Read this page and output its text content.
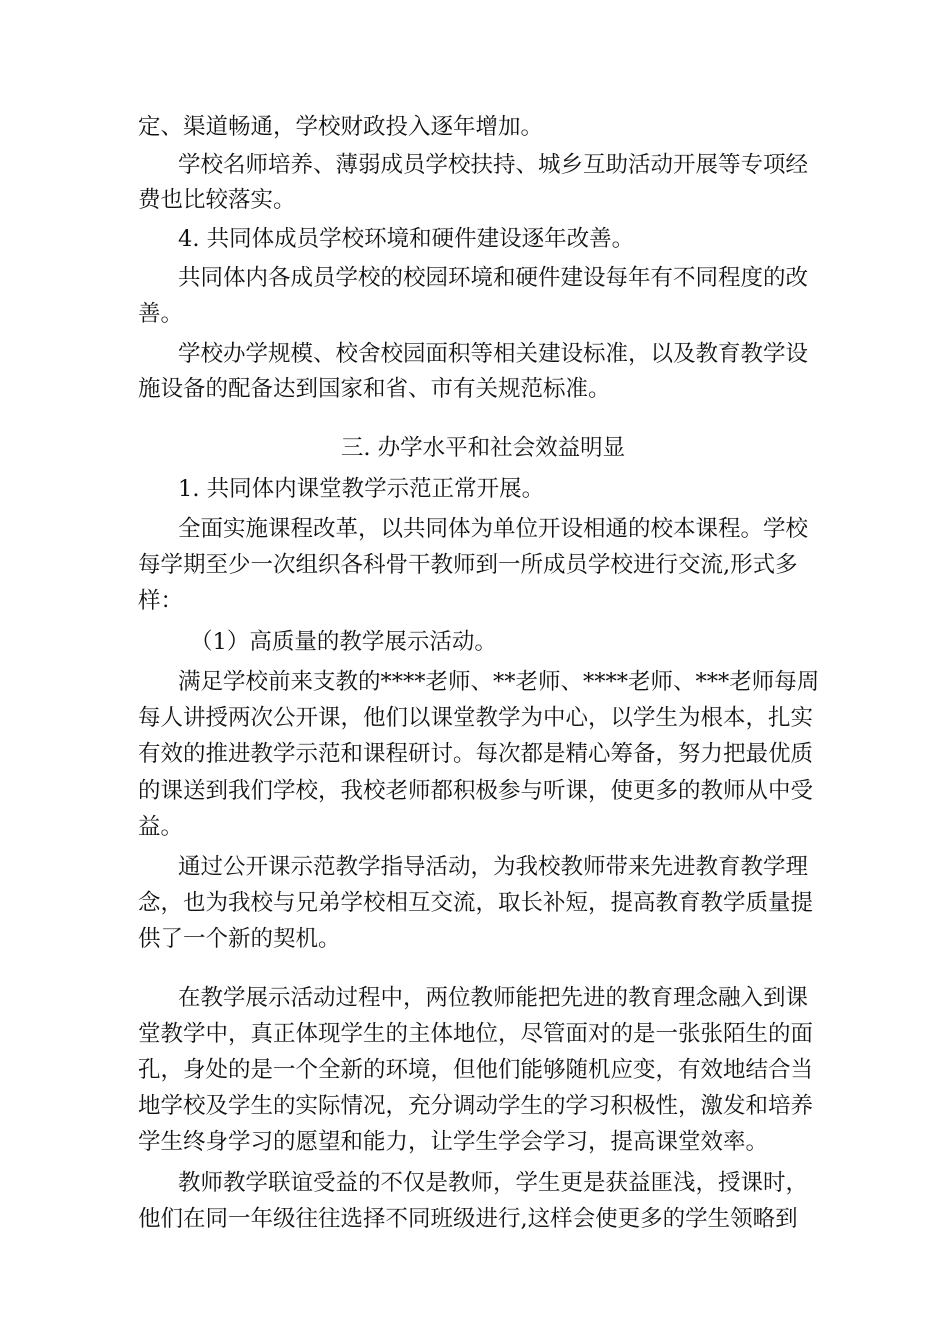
定、渠道畅通，学校财政投入逐年增加。
学校名师培养、薄弱成员学校扶持、城乡互助活动开展等专项经
费也比较落实。
4. 共同体成员学校环境和硬件建设逐年改善。
共同体内各成员学校的校园环境和硬件建设每年有不同程度的改
善。
学校办学规模、校舍校园面积等相关建设标准，以及教育教学设
施设备的配备达到国家和省、市有关规范标准。
三. 办学水平和社会效益明显
1. 共同体内课堂教学示范正常开展。
全面实施课程改革，以共同体为单位开设相通的校本课程。学校
每学期至少一次组织各科骨干教师到一所成员学校进行交流,形式多
样：
（1）高质量的教学展示活动。
满足学校前来支教的****老师、**老师、****老师、***老师每周
每人讲授两次公开课，他们以课堂教学为中心，以学生为根本，扎实
有效的推进教学示范和课程研讨。每次都是精心筹备，努力把最优质
的课送到我们学校，我校老师都积极参与听课，使更多的教师从中受
益。
通过公开课示范教学指导活动，为我校教师带来先进教育教学理
念，也为我校与兄弟学校相互交流，取长补短，提高教育教学质量提
供了一个新的契机。
在教学展示活动过程中，两位教师能把先进的教育理念融入到课
堂教学中，真正体现学生的主体地位，尽管面对的是一张张陌生的面
孔，身处的是一个全新的环境，但他们能够随机应变，有效地结合当
地学校及学生的实际情况，充分调动学生的学习积极性，激发和培养
学生终身学习的愿望和能力，让学生学会学习，提高课堂效率。
教师教学联谊受益的不仅是教师，学生更是获益匪浅，授课时，
他们在同一年级往往选择不同班级进行,这样会使更多的学生领略到
